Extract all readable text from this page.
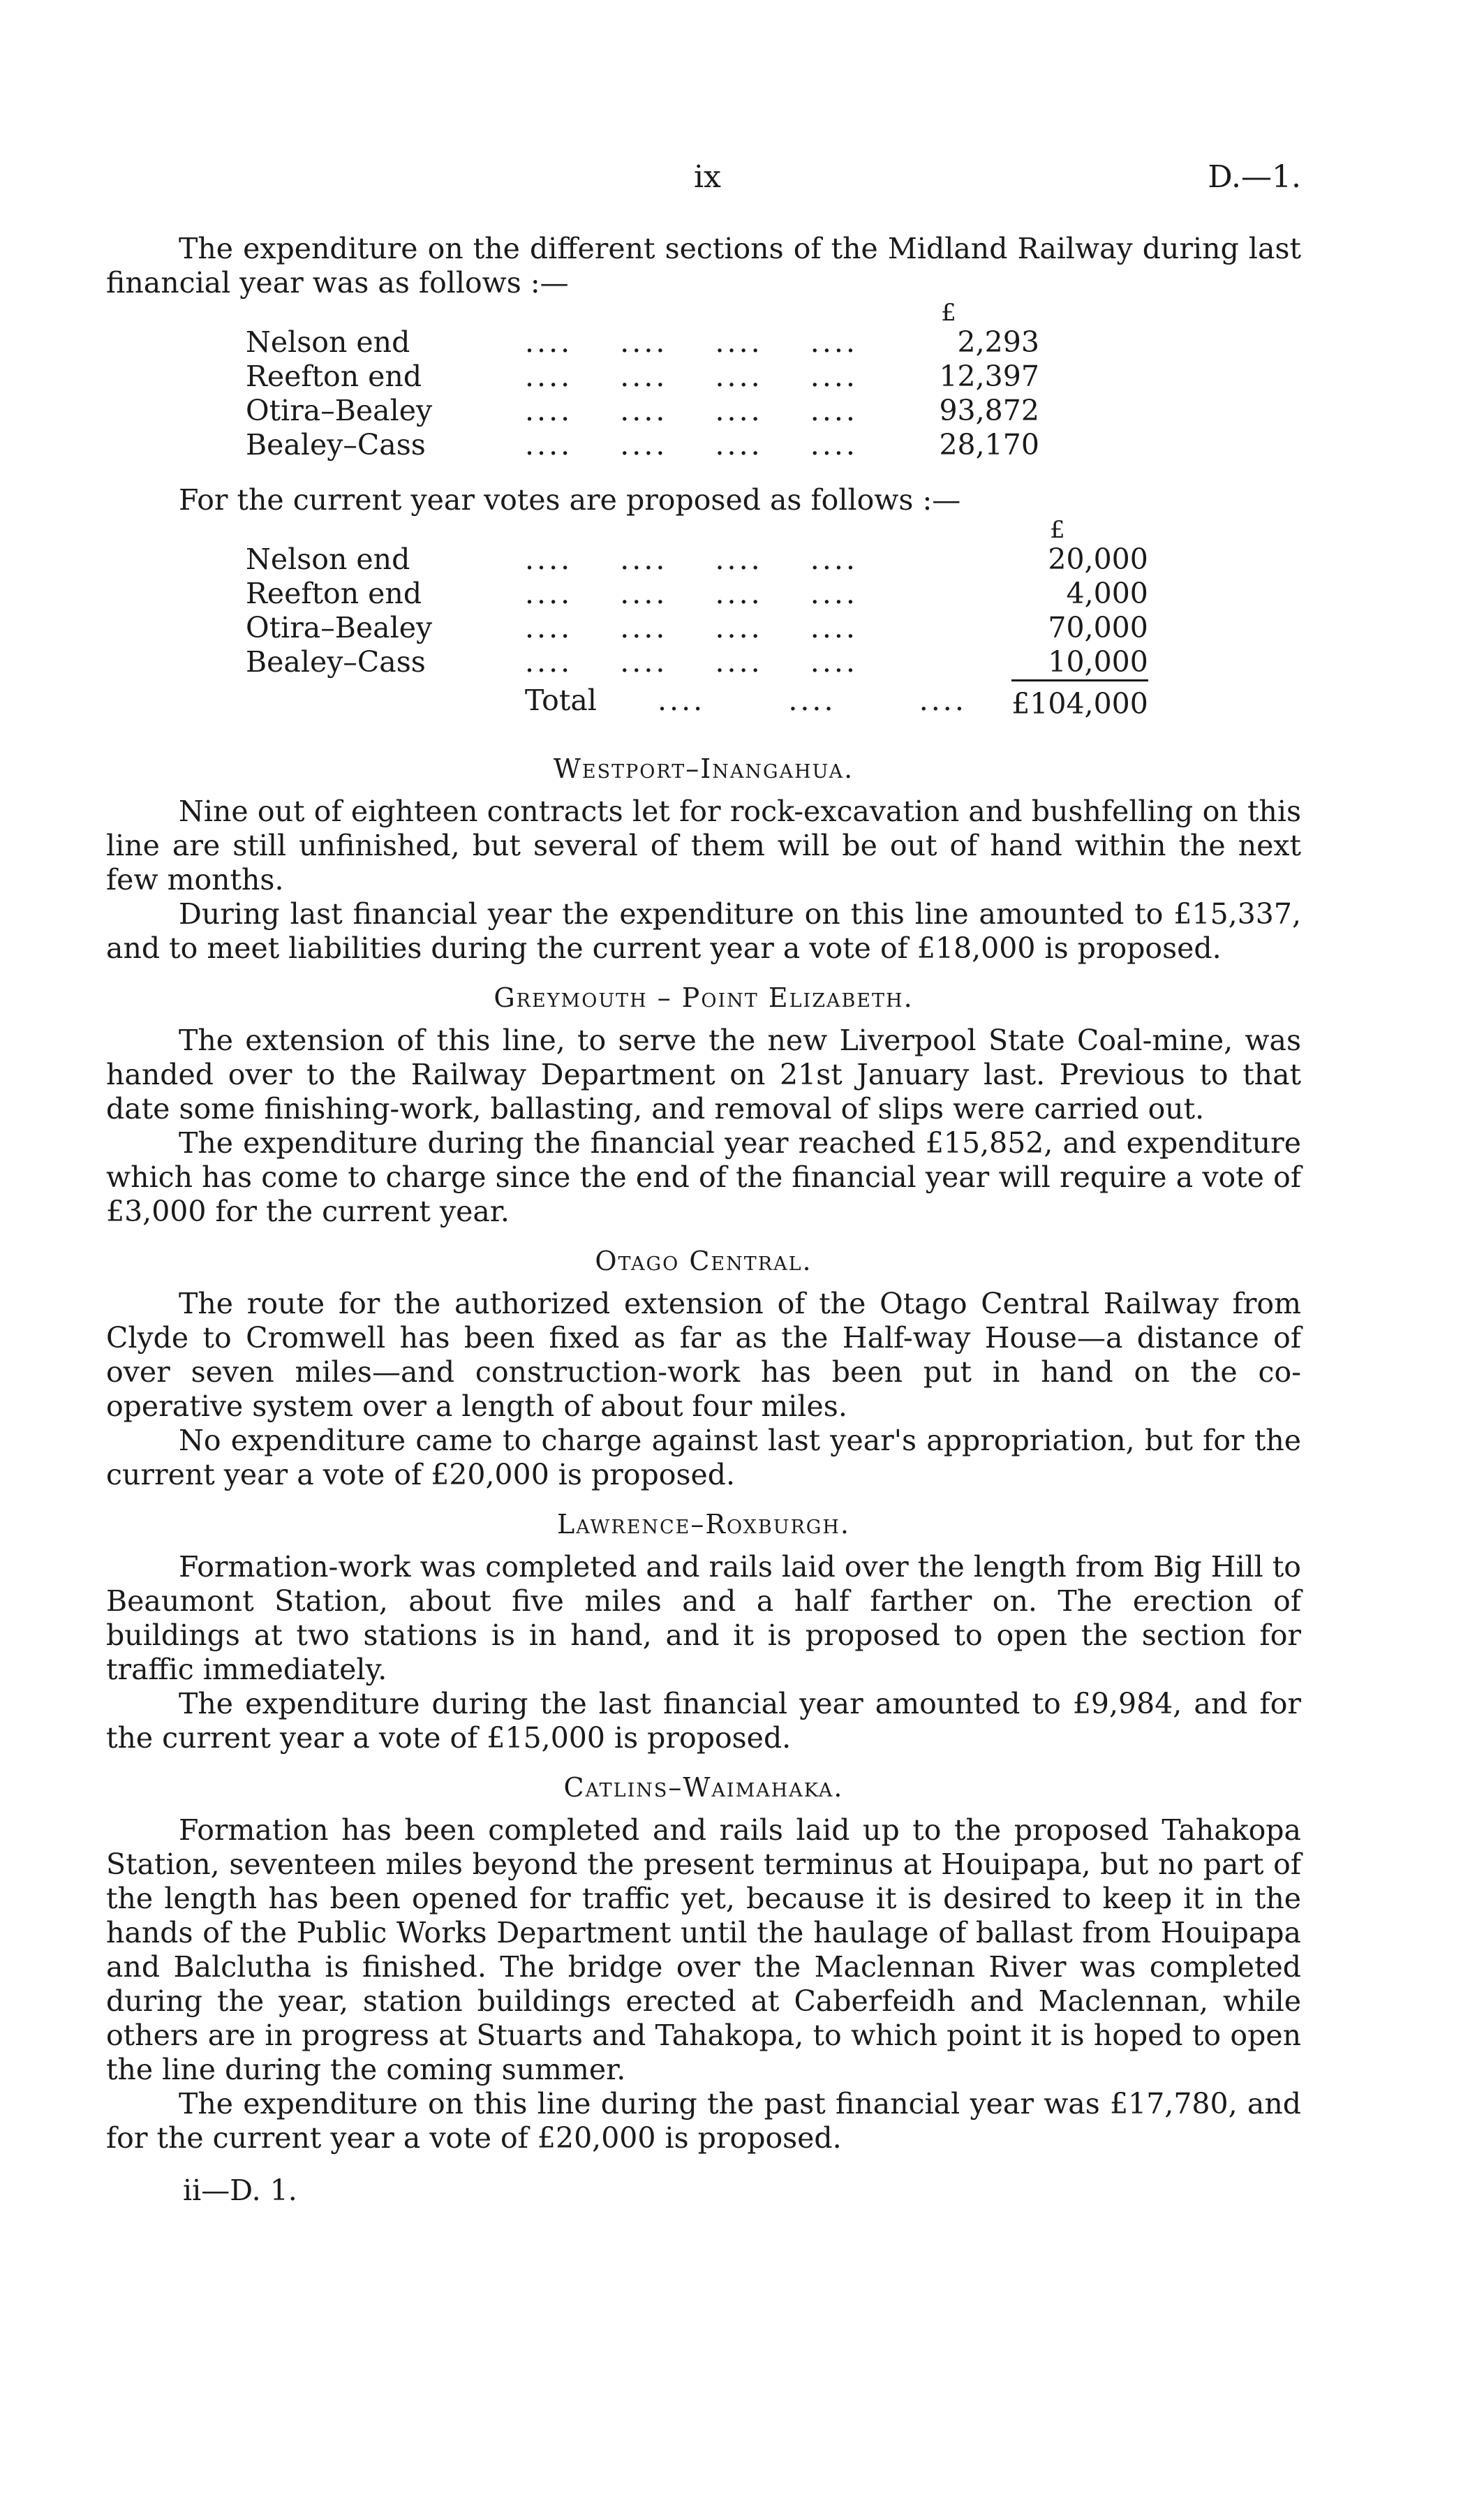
ix	D.—1.

The expenditure on the different sections of the Midland Railway during last financial year was as follows :—

					£
Nelson end	....    ....    ....    ....				2,293
Reefton end	....    ....    ....    ....				12,397
Otira–Bealey	....    ....    ....    ....				93,872
Bealey–Cass	....    ....    ....    ....				28,170

For the current year votes are proposed as follows :—

					£
Nelson end	....    ....    ....    ....				20,000
Reefton end	....    ....    ....    ....				4,000
Otira–Bealey	....    ....    ....    ....				70,000
Bealey–Cass	....    ....    ....    ....				10,000
	Total	....       ....       ....			£104,000
Westport–Inangahua.

Nine out of eighteen contracts let for rock-excavation and bushfelling on this line are still unfinished, but several of them will be out of hand within the next few months.

During last financial year the expenditure on this line amounted to £15,337, and to meet liabilities during the current year a vote of £18,000 is proposed.

Greymouth – Point Elizabeth.

The extension of this line, to serve the new Liverpool State Coal-mine, was handed over to the Railway Department on 21st January last. Previous to that date some finishing-work, ballasting, and removal of slips were carried out.

The expenditure during the financial year reached £15,852, and expenditure which has come to charge since the end of the financial year will require a vote of £3,000 for the current year.

Otago Central.

The route for the authorized extension of the Otago Central Railway from Clyde to Cromwell has been fixed as far as the Half-way House—a distance of over seven miles—and construction-work has been put in hand on the co-operative system over a length of about four miles.

No expenditure came to charge against last year's appropriation, but for the current year a vote of £20,000 is proposed.

Lawrence–Roxburgh.

Formation-work was completed and rails laid over the length from Big Hill to Beaumont Station, about five miles and a half farther on. The erection of buildings at two stations is in hand, and it is proposed to open the section for traffic immediately.

The expenditure during the last financial year amounted to £9,984, and for the current year a vote of £15,000 is proposed.

Catlins–Waimahaka.

Formation has been completed and rails laid up to the proposed Tahakopa Station, seventeen miles beyond the present terminus at Houipapa, but no part of the length has been opened for traffic yet, because it is desired to keep it in the hands of the Public Works Department until the haulage of ballast from Houipapa and Balclutha is finished. The bridge over the Maclennan River was completed during the year, station buildings erected at Caberfeidh and Maclennan, while others are in progress at Stuarts and Tahakopa, to which point it is hoped to open the line during the coming summer.

The expenditure on this line during the past financial year was £17,780, and for the current year a vote of £20,000 is proposed.

ii—D. 1.
